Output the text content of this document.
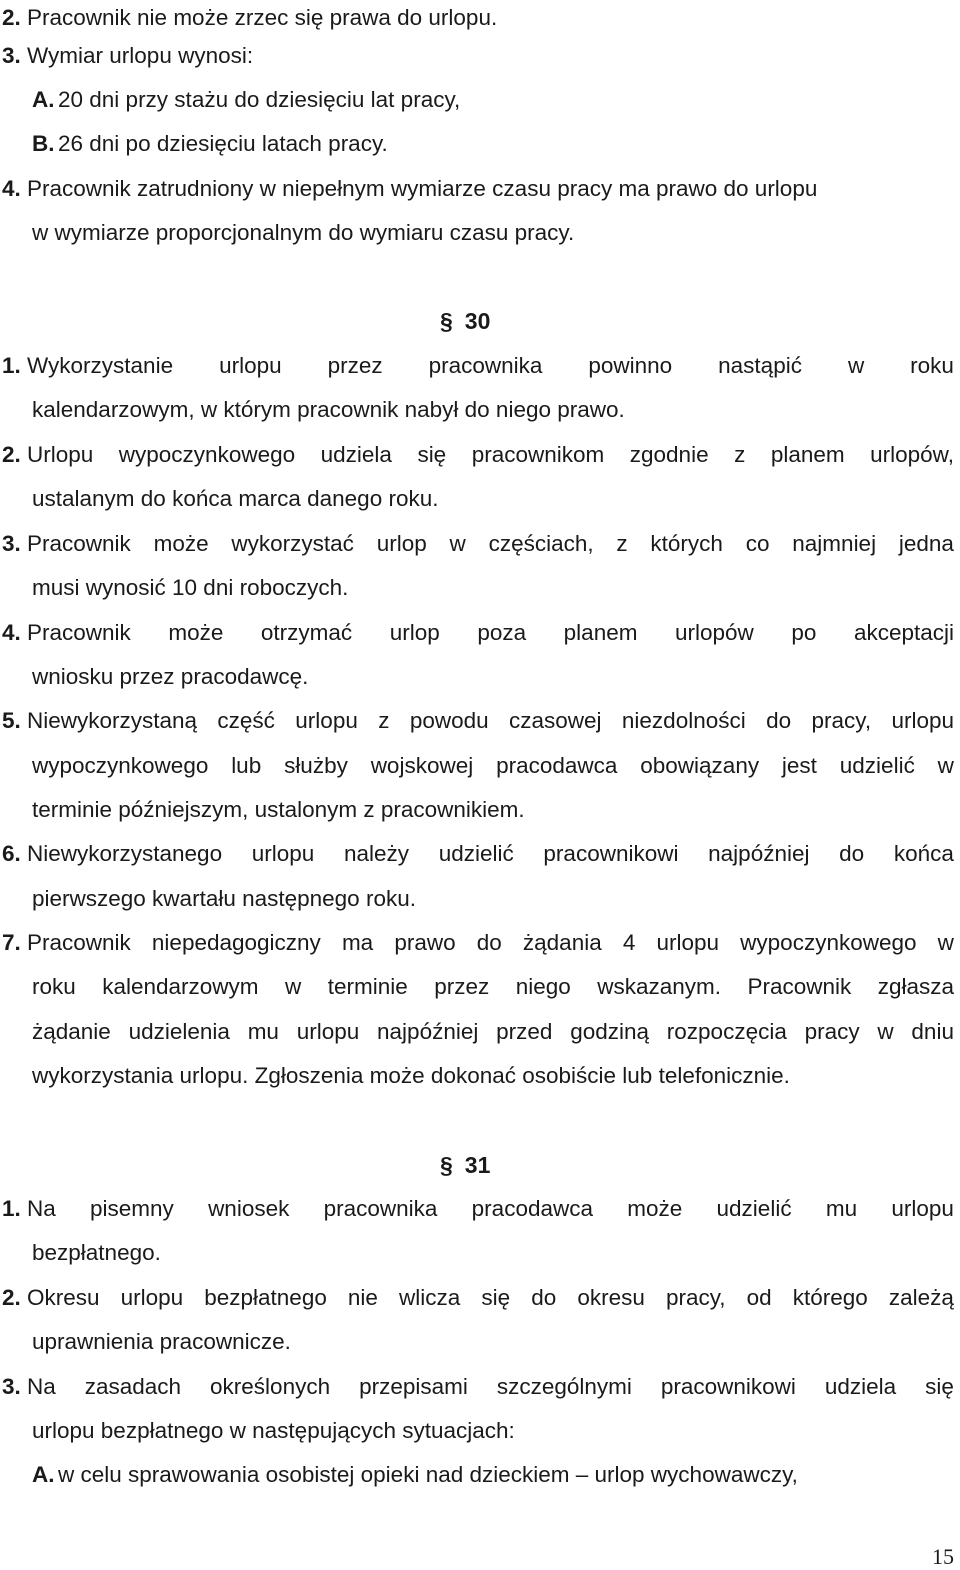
2. Pracownik nie może zrzec się prawa do urlopu.
3. Wymiar urlopu wynosi:
A. 20 dni przy stażu do dziesięciu lat pracy,
B. 26 dni po dziesięciu latach pracy.
4. Pracownik zatrudniony w niepełnym wymiarze czasu pracy ma prawo do urlopu
w wymiarze proporcjonalnym do wymiaru czasu pracy.
§ 30
1. Wykorzystanie urlopu przez pracownika powinno nastąpić w roku
kalendarzowym, w którym pracownik nabył do niego prawo.
2. Urlopu wypoczynkowego udziela się pracownikom zgodnie z planem urlopów,
ustalanym do końca marca danego roku.
3. Pracownik może wykorzystać urlop w częściach, z których co najmniej jedna
musi wynosić 10 dni roboczych.
4. Pracownik może otrzymać urlop poza planem urlopów po akceptacji
wniosku przez pracodawcę.
5. Niewykorzystaną część urlopu z powodu czasowej niezdolności do pracy, urlopu
wypoczynkowego lub służby wojskowej pracodawca obowiązany jest udzielić w
terminie późniejszym, ustalonym z pracownikiem.
6. Niewykorzystanego urlopu należy udzielić pracownikowi najpóźniej do końca
pierwszego kwartału następnego roku.
7. Pracownik niepedagogiczny ma prawo do żądania 4 urlopu wypoczynkowego w
roku kalendarzowym w terminie przez niego wskazanym. Pracownik zgłasza
żądanie udzielenia mu urlopu najpóźniej przed godziną rozpoczęcia pracy w dniu
wykorzystania urlopu. Zgłoszenia może dokonać osobiście lub telefonicznie.
§ 31
1. Na pisemny wniosek pracownika pracodawca może udzielić mu urlopu
bezpłatnego.
2. Okresu urlopu bezpłatnego nie wlicza się do okresu pracy, od którego zależą
uprawnienia pracownicze.
3. Na zasadach określonych przepisami szczególnymi pracownikowi udziela się
urlopu bezpłatnego w następujących sytuacjach:
A. w celu sprawowania osobistej opieki nad dzieckiem – urlop wychowawczy,
15
